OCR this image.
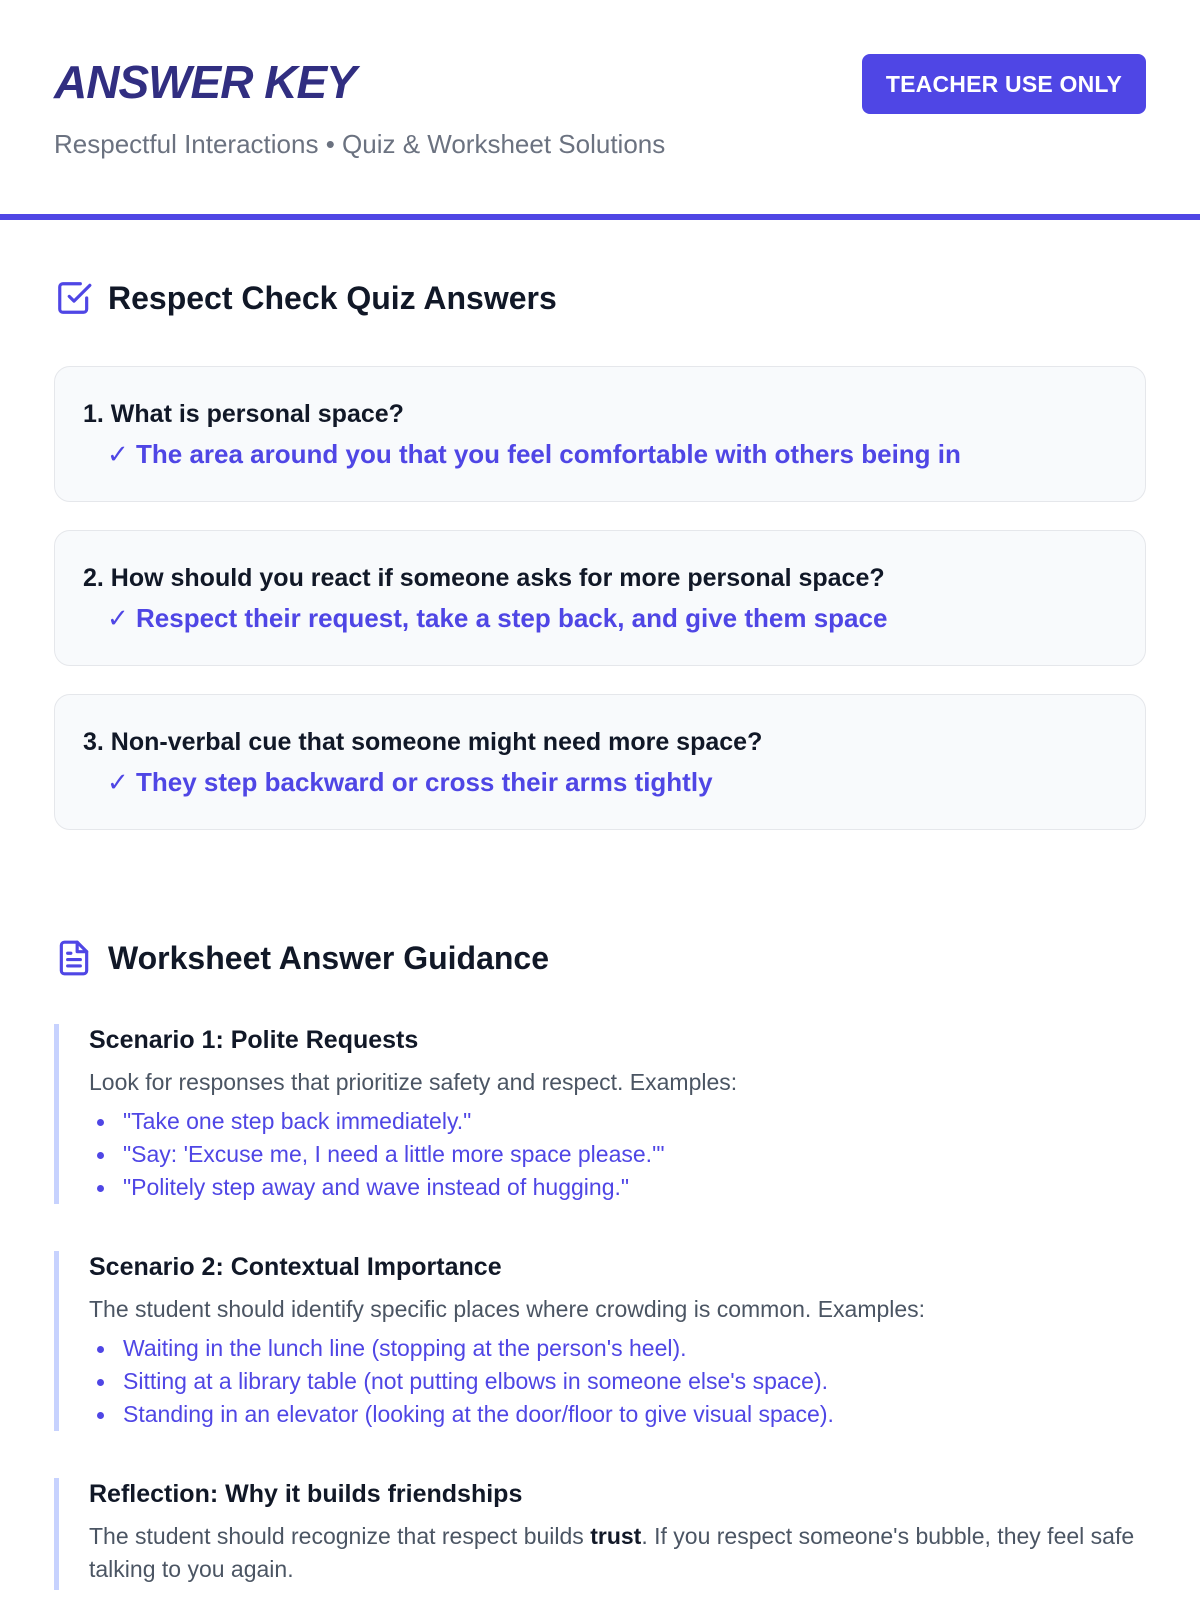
ANSWER KEY
Respectful Interactions • Quiz & Worksheet Solutions
TEACHER USE ONLY
Respect Check Quiz Answers
1. What is personal space?
✓ The area around you that you feel comfortable with others being in
2. How should you react if someone asks for more personal space?
✓ Respect their request, take a step back, and give them space
3. Non-verbal cue that someone might need more space?
✓ They step backward or cross their arms tightly
Worksheet Answer Guidance
Scenario 1: Polite Requests

Look for responses that prioritize safety and respect. Examples:

"Take one step back immediately."
"Say: 'Excuse me, I need a little more space please.'"
"Politely step away and wave instead of hugging."
Scenario 2: Contextual Importance

The student should identify specific places where crowding is common. Examples:

Waiting in the lunch line (stopping at the person's heel).
Sitting at a library table (not putting elbows in someone else's space).
Standing in an elevator (looking at the door/floor to give visual space).
Reflection: Why it builds friendships

The student should recognize that respect builds trust. If you respect someone's bubble, they feel safe talking to you again.
